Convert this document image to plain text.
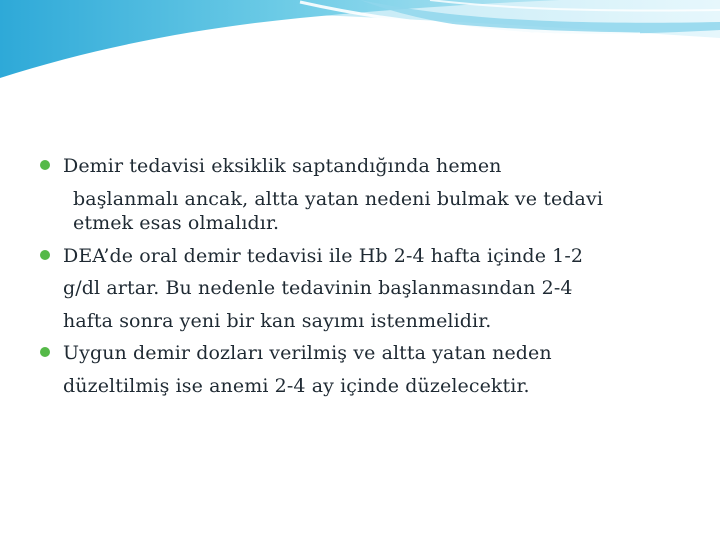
Demir tedavisi eksiklik saptandığında hemen
başlanmalı ancak, altta yatan nedeni bulmak ve tedavi
etmek esas olmalıdır.
DEA’de oral demir tedavisi ile Hb 2-4 hafta içinde 1-2
g/dl artar. Bu nedenle tedavinin başlanmasından 2-4
hafta sonra yeni bir kan sayımı istenmelidir.
Uygun demir dozları verilmiş ve altta yatan neden
düzeltilmiş ise anemi 2-4 ay içinde düzelecektir.
